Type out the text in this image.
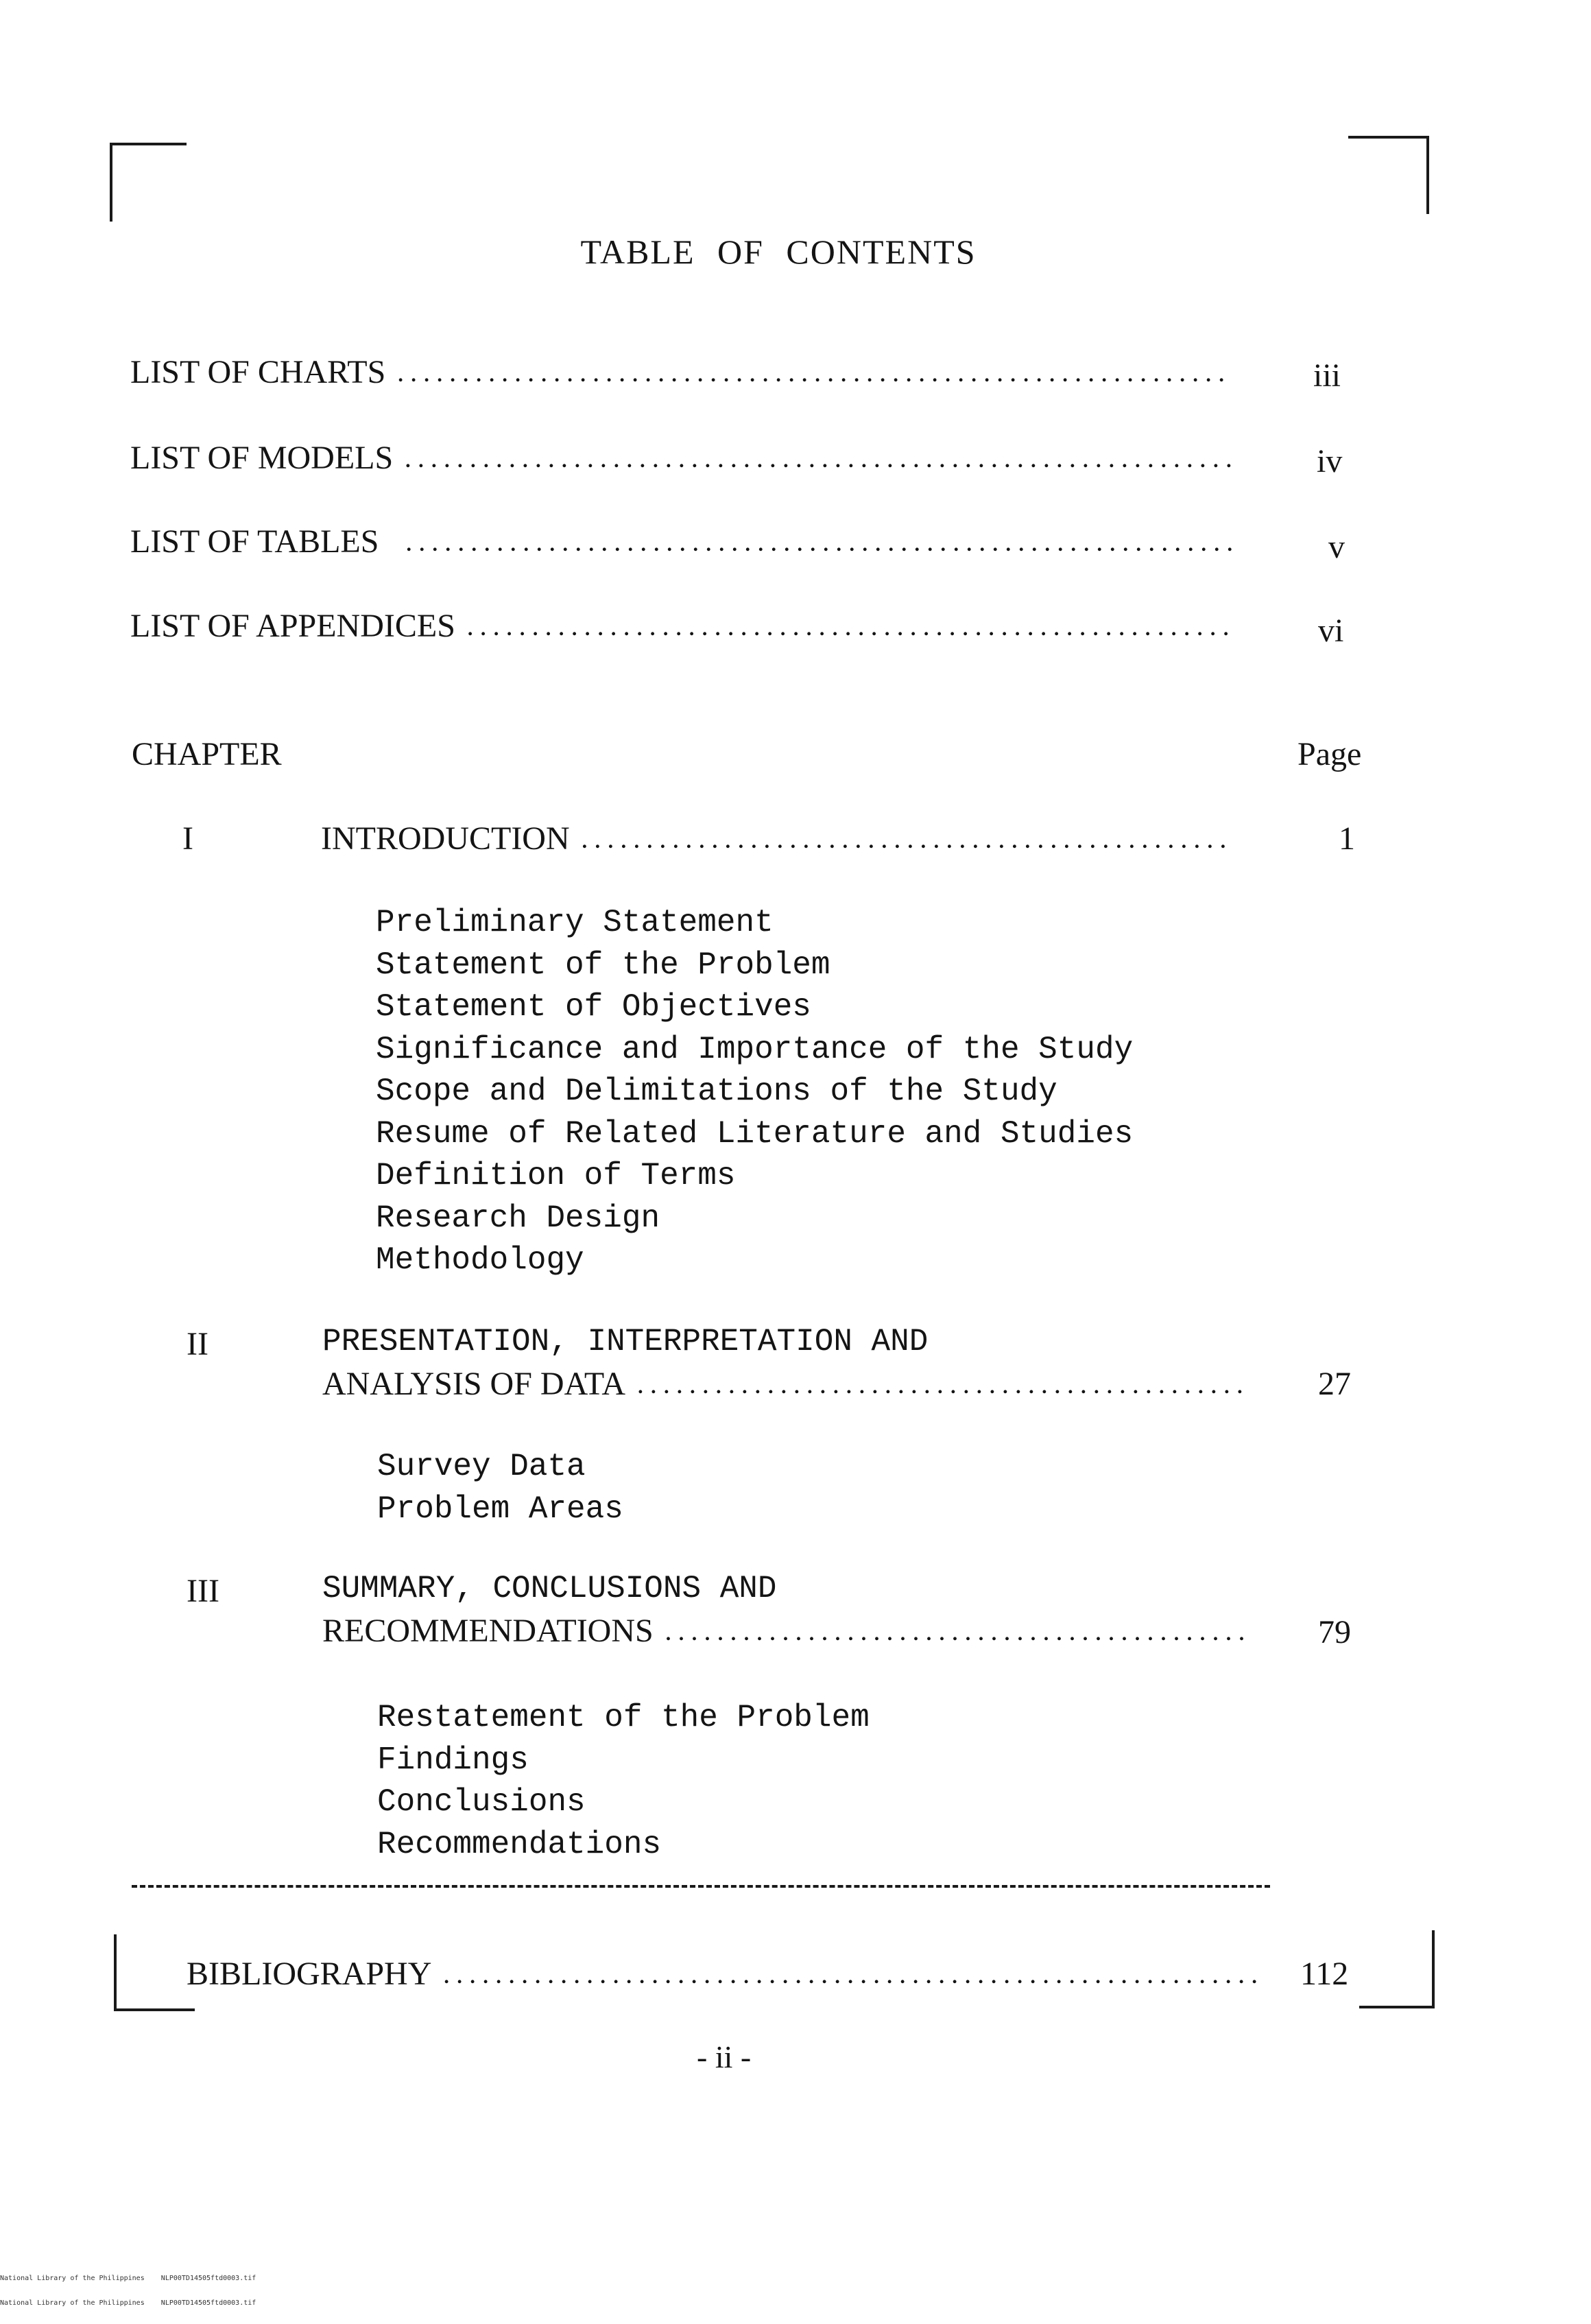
TABLE OF CONTENTS
LIST OF CHARTS . . .	iii
LIST OF MODELS . . .	iv
LIST OF TABLES . . .	v
LIST OF APPENDICES . . .	vi
CHAPTER	Page
I	INTRODUCTION . . .	1
Preliminary Statement
Statement of the Problem
Statement of Objectives
Significance and Importance of the Study
Scope and Delimitations of the Study
Resume of Related Literature and Studies
Definition of Terms
Research Design
Methodology
II	PRESENTATION, INTERPRETATION AND
ANALYSIS OF DATA . . .	27
Survey Data
Problem Areas
III	SUMMARY, CONCLUSIONS AND
RECOMMENDATIONS . . .	79
Restatement of the Problem
Findings
Conclusions
Recommendations
BIBLIOGRAPHY . . .	112
- ii -

National Library of the Philippines    NLP00TD14505ftd0003.tif

National Library of the Philippines    NLP00TD14505ftd0003.tif
